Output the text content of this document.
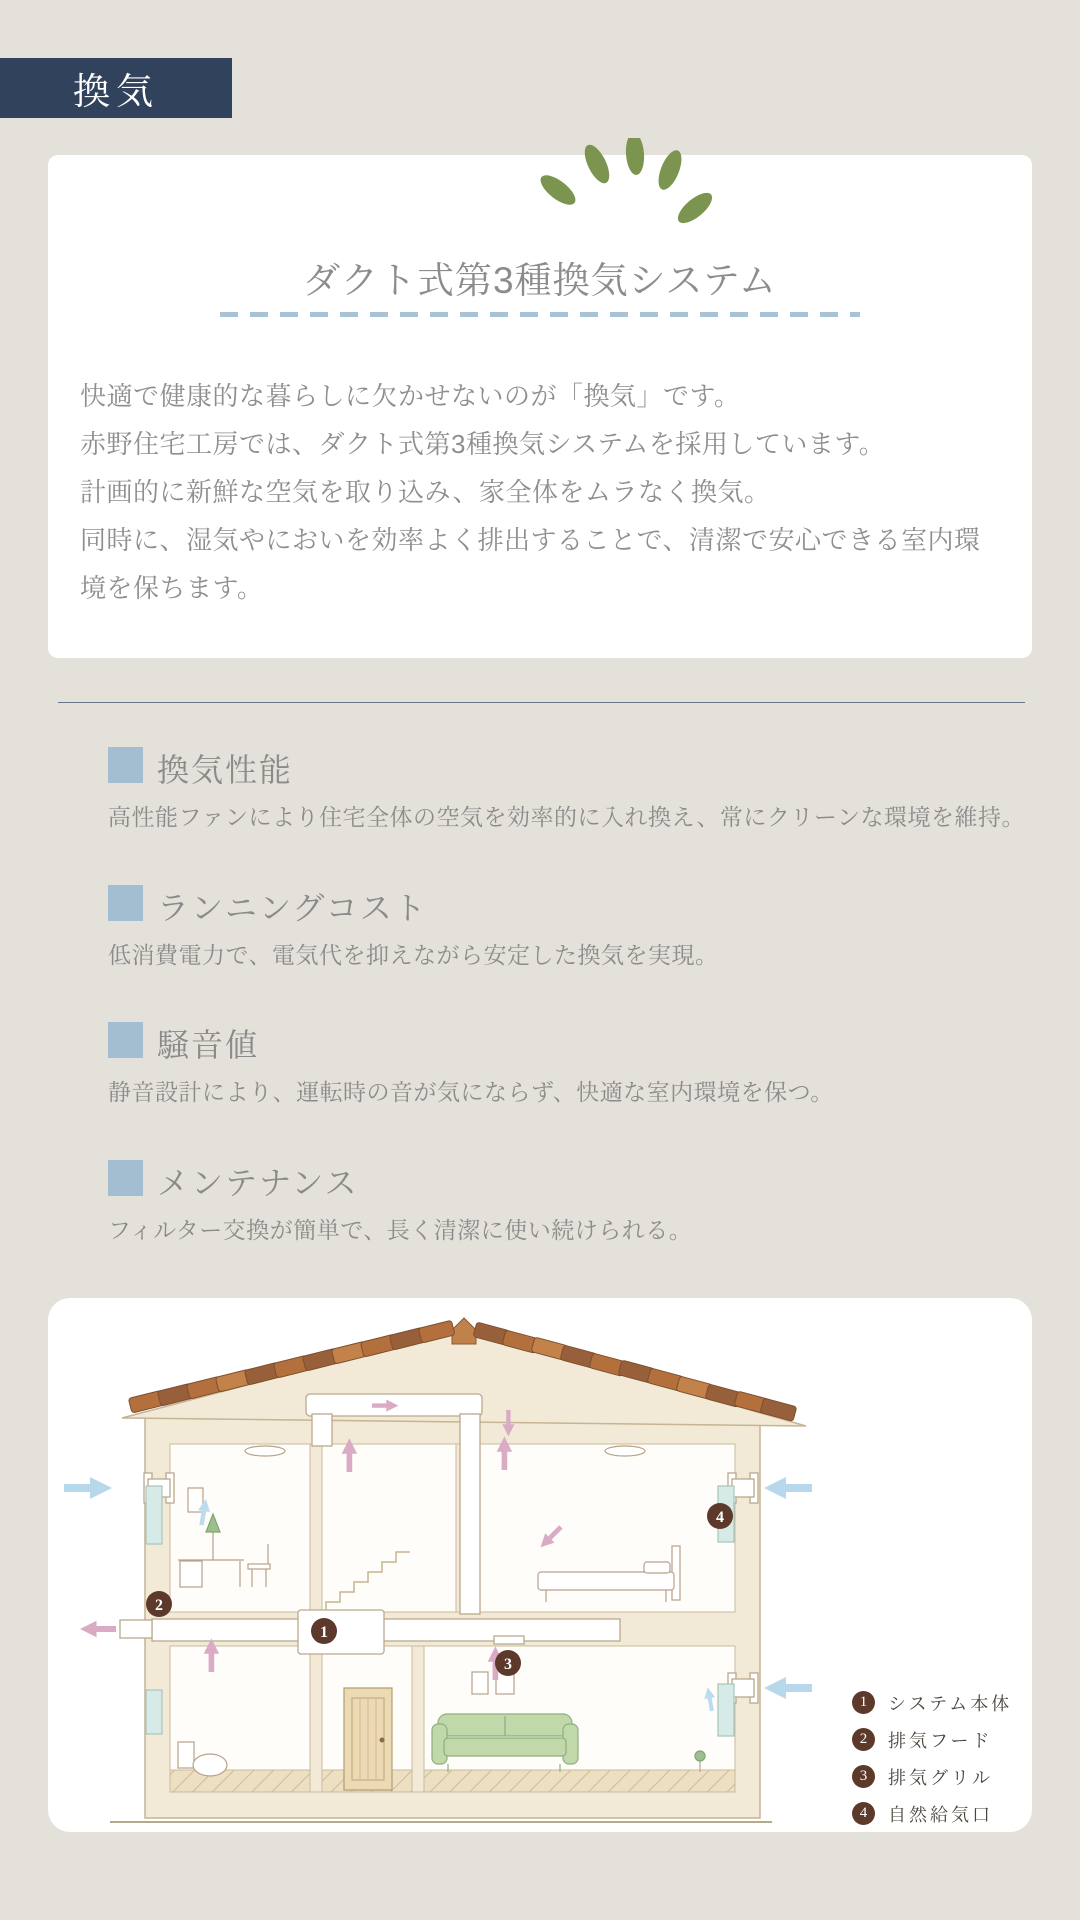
換気
ダクト式第3種換気システム

快適で健康的な暮らしに欠かせないのが「換気」です。

赤野住宅工房では、ダクト式第3種換気システムを採用しています。

計画的に新鮮な空気を取り込み、家全体をムラなく換気。

同時に、湿気やにおいを効率よく排出することで、清潔で安心できる室内環

境を保ちます。

換気性能
高性能ファンにより住宅全体の空気を効率的に入れ換え、常にクリーンな環境を維持。
ランニングコスト
低消費電力で、電気代を抑えながら安定した換気を実現。
騒音値
静音設計により、運転時の音が気にならず、快適な室内環境を保つ。
メンテナンス
フィルター交換が簡単で、長く清潔に使い続けられる。
1
2
3
4
1	システム本体
2	排気フード
3	排気グリル
4	自然給気口
